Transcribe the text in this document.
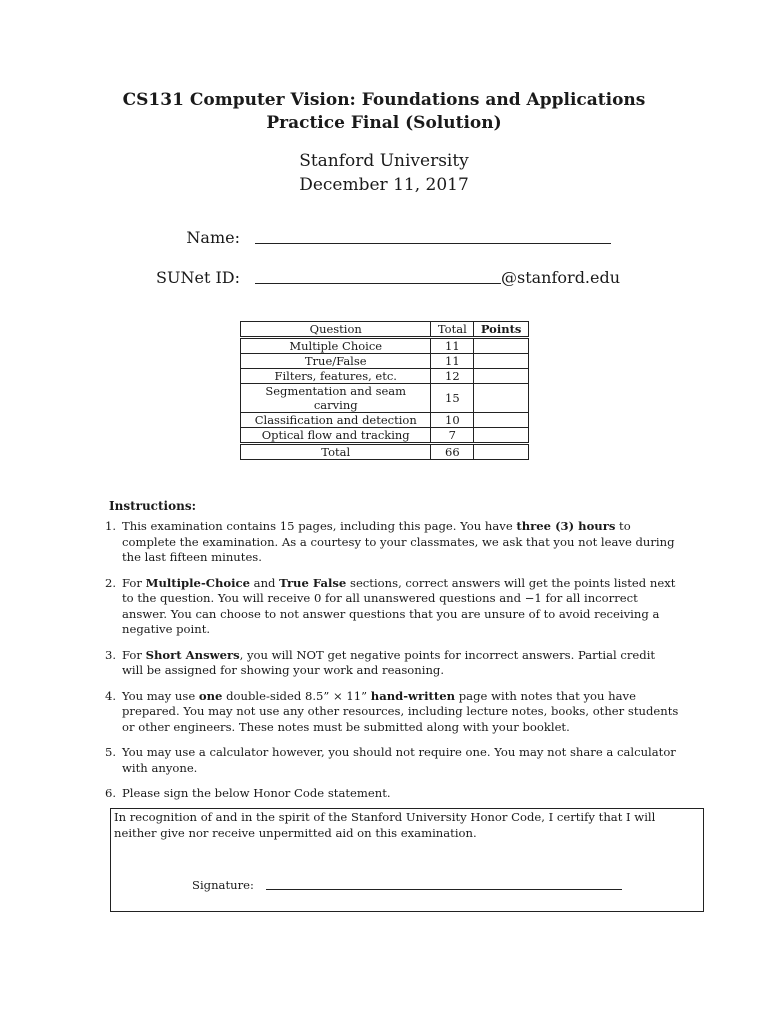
CS131 Computer Vision: Foundations and Applications
Practice Final (Solution)
Stanford University
December 11, 2017
Name:
SUNet ID:	@stanford.edu
Question	Total	Points
Multiple Choice	11	
True/False	11	
Filters, features, etc.	12	
Segmentation and seam carving	15	
Classification and detection	10	
Optical flow and tracking	7	
Total	66	
Instructions:
1. This examination contains 15 pages, including this page. You have three (3) hours to complete the examination. As a courtesy to your classmates, we ask that you not leave during the last fifteen minutes.
2. For Multiple-Choice and True False sections, correct answers will get the points listed next to the question. You will receive 0 for all unanswered questions and −1 for all incorrect answer. You can choose to not answer questions that you are unsure of to avoid receiving a negative point.
3. For Short Answers, you will NOT get negative points for incorrect answers. Partial credit will be assigned for showing your work and reasoning.
4. You may use one double-sided 8.5” × 11” hand-written page with notes that you have prepared. You may not use any other resources, including lecture notes, books, other students or other engineers. These notes must be submitted along with your booklet.
5. You may use a calculator however, you should not require one. You may not share a calculator with anyone.
6. Please sign the below Honor Code statement.
In recognition of and in the spirit of the Stanford University Honor Code, I certify that I will neither give nor receive unpermitted aid on this examination.
Signature:
